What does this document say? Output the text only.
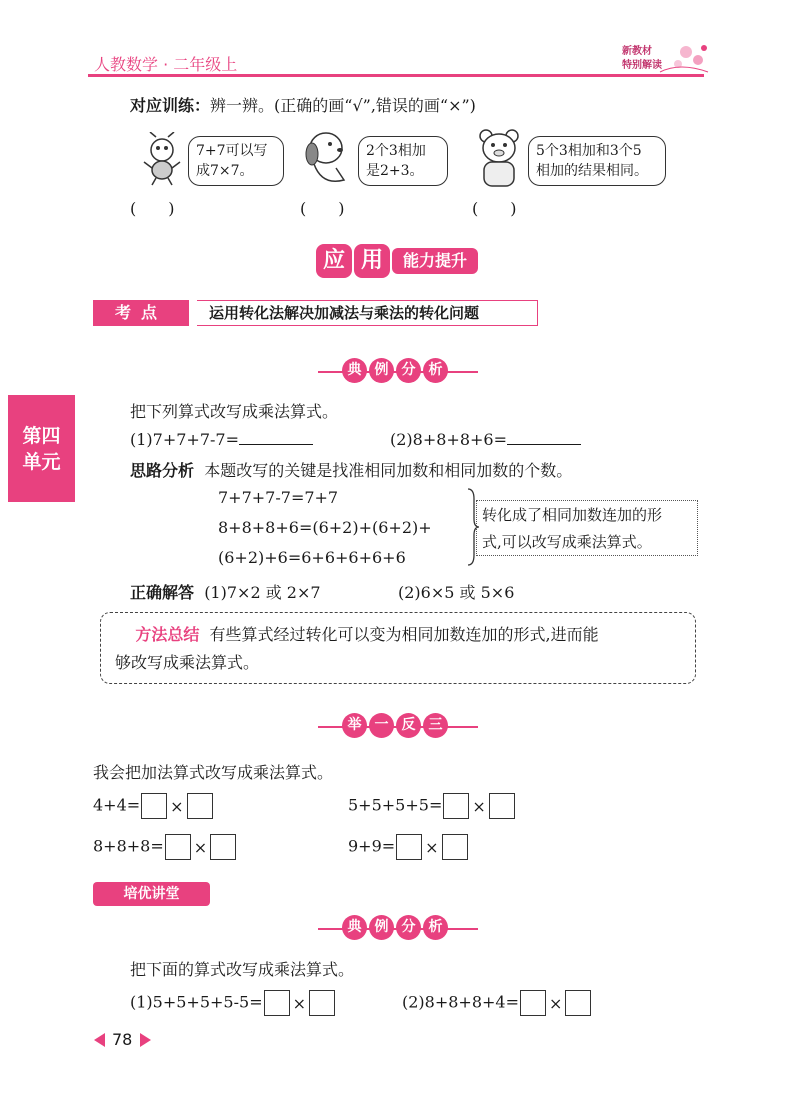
人教数学 · 二年级上
新教材
特别解读
第四单元
对应训练：辨一辨。(正确的画“√”,错误的画“×”)
7+7可以写
成7×7。
(　　)
2个3相加
是2+3。
(　　)
5个3相加和3个5
相加的结果相同。
(　　)
应 用	能力提升
考点	运用转化法解决加减法与乘法的转化问题
典 例 分 析
把下列算式改写成乘法算式。
(1)7+7+7-7=	(2)8+8+8+6=
思路分析 本题改写的关键是找准相同加数和相同加数的个数。
7+7+7-7=7+7
8+8+8+6=(6+2)+(6+2)+
(6+2)+6=6+6+6+6+6
转化成了相同加数连加的形
式,可以改写成乘法算式。
正确解答 (1)7×2 或 2×7	(2)6×5 或 5×6
方法总结 有些算式经过转化可以变为相同加数连加的形式,进而能
够改写成乘法算式。
举 一 反 三
我会把加法算式改写成乘法算式。
4+4= ×	5+5+5+5= ×
8+8+8= ×	9+9= ×
培优讲堂
典 例 分 析
把下面的算式改写成乘法算式。
(1)5+5+5+5-5= ×	(2)8+8+8+4= ×
78
